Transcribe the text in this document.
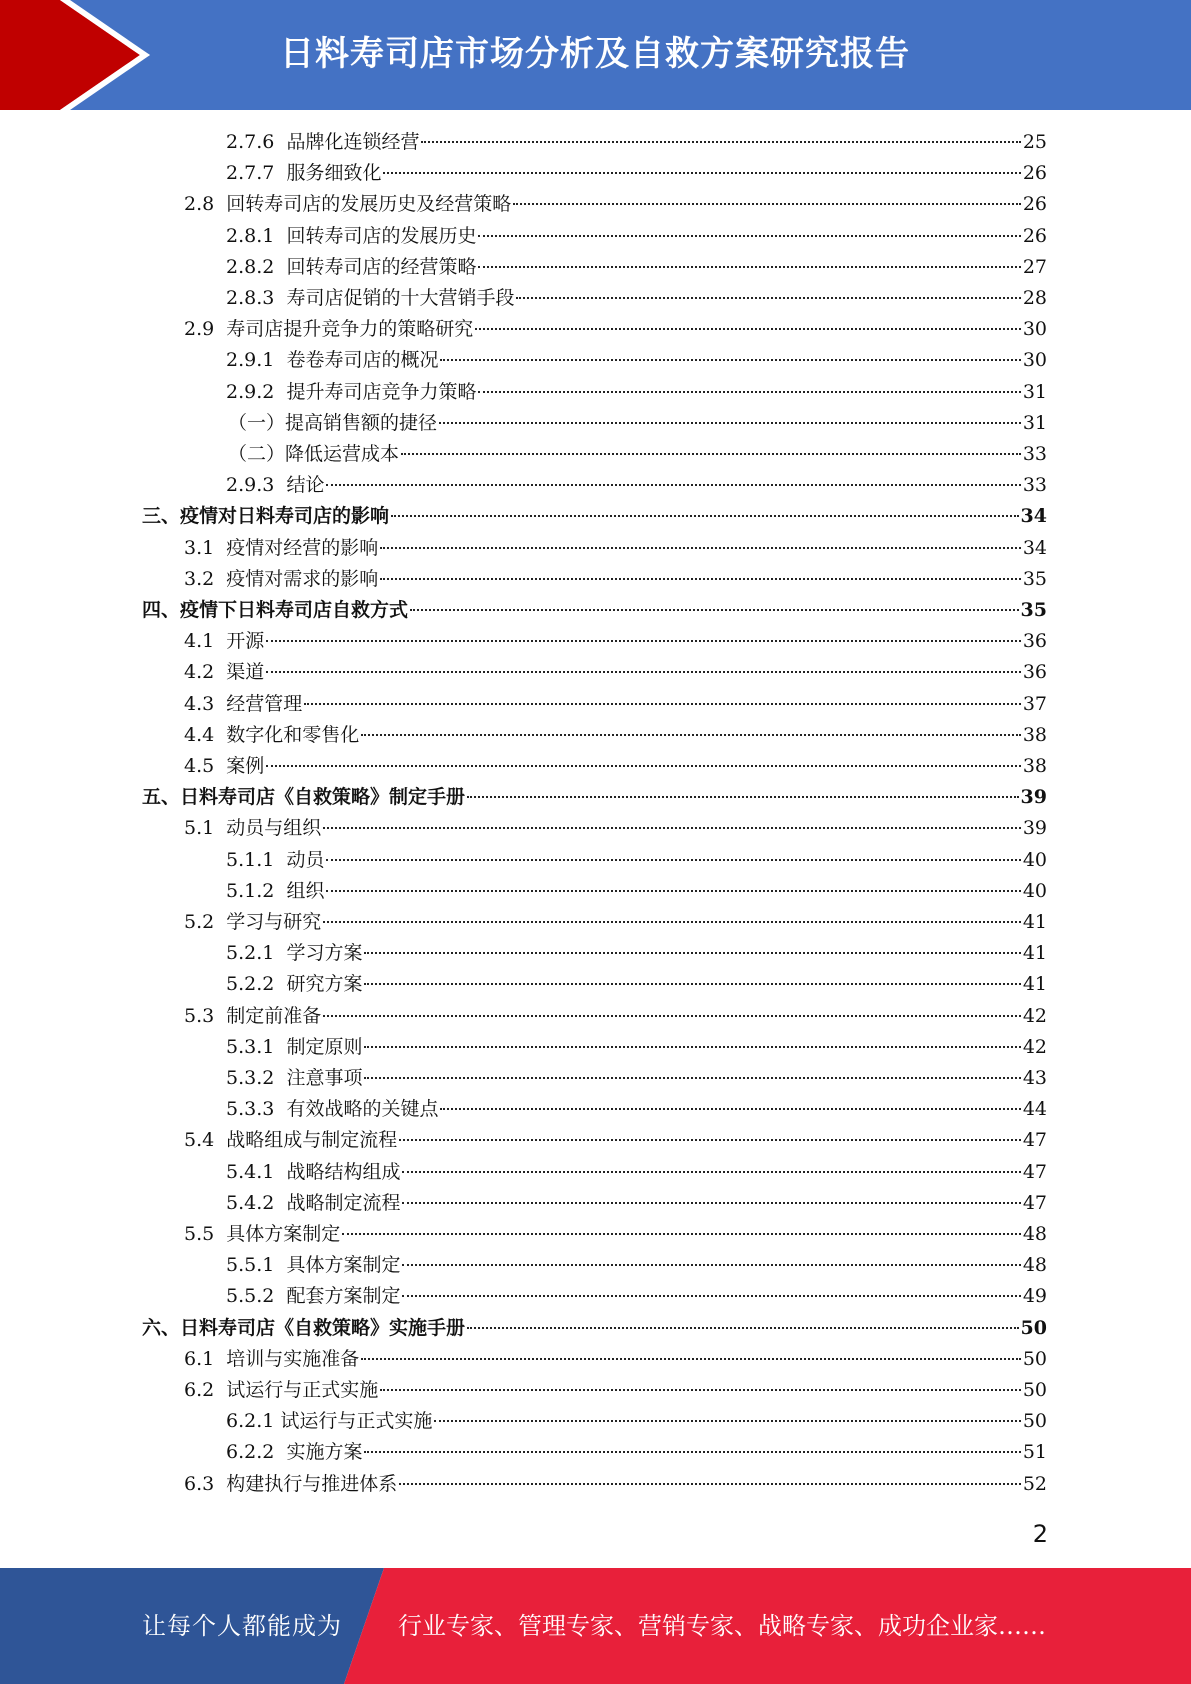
日料寿司店市场分析及自救方案研究报告
2.7.6 品牌化连锁经营	25
2.7.7 服务细致化	26
2.8 回转寿司店的发展历史及经营策略	26
2.8.1 回转寿司店的发展历史	26
2.8.2 回转寿司店的经营策略	27
2.8.3 寿司店促销的十大营销手段	28
2.9 寿司店提升竞争力的策略研究	30
2.9.1 卷卷寿司店的概况	30
2.9.2 提升寿司店竞争力策略	31
（一） 提高销售额的捷径	31
（二） 降低运营成本	33
2.9.3 结论	33
三、 疫情对日料寿司店的影响	34
3.1 疫情对经营的影响	34
3.2 疫情对需求的影响	35
四、 疫情下日料寿司店自救方式	35
4.1 开源	36
4.2 渠道	36
4.3 经营管理	37
4.4 数字化和零售化	38
4.5 案例	38
五、 日料寿司店《自救策略》制定手册	39
5.1 动员与组织	39
5.1.1 动员	40
5.1.2 组织	40
5.2 学习与研究	41
5.2.1 学习方案	41
5.2.2 研究方案	41
5.3 制定前准备	42
5.3.1 制定原则	42
5.3.2 注意事项	43
5.3.3 有效战略的关键点	44
5.4 战略组成与制定流程	47
5.4.1 战略结构组成	47
5.4.2 战略制定流程	47
5.5 具体方案制定	48
5.5.1 具体方案制定	48
5.5.2 配套方案制定	49
六、 日料寿司店《自救策略》实施手册	50
6.1 培训与实施准备	50
6.2 试运行与正式实施	50
6.2.1 试运行与正式实施	50
6.2.2 实施方案	51
6.3 构建执行与推进体系	52
2
让每个人都能成为 行业专家、管理专家、营销专家、战略专家、成功企业家……
